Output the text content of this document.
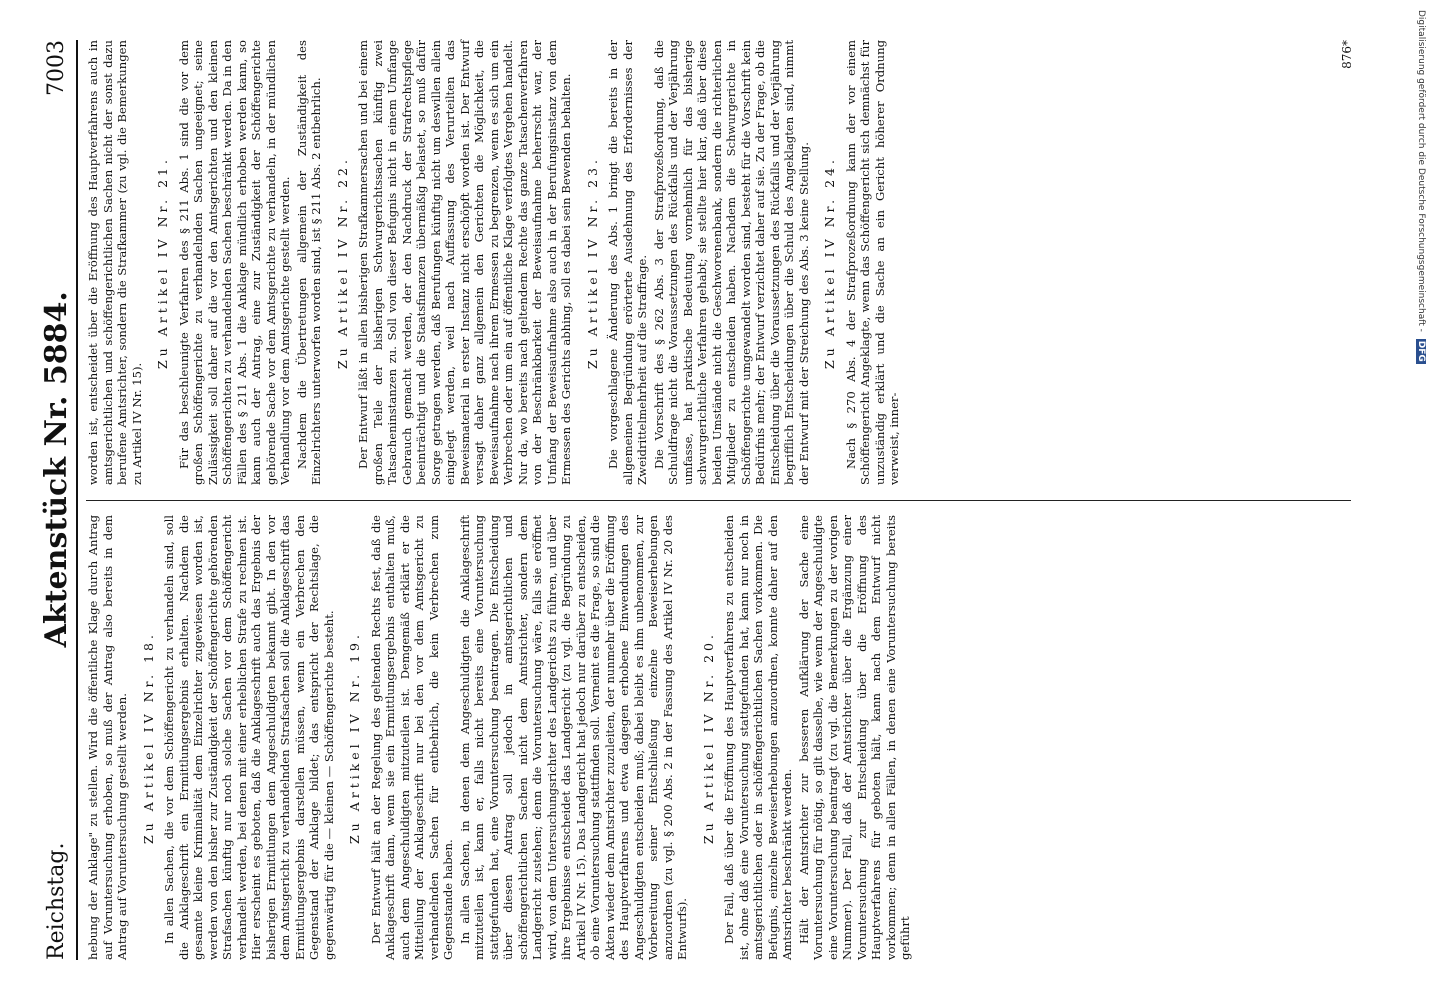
Reichstag.
Aktenstück Nr. 5884.
7003

hebung der Anklage" zu stellen. Wird die öffentliche Klage durch Antrag auf Voruntersuchung erhoben, so muß der Antrag also bereits in dem Antrag auf Voruntersuchung gestellt werden. Zu Artikel IV Nr. 18. In allen Sachen, die vor dem Schöffengericht zu verhandeln sind, soll die Anklageschrift ein Ermittlungsergebnis erhalten. Nachdem die gesamte kleine Kriminalität dem Einzelrichter zugewiesen worden ist, werden von den bisher zur Zuständigkeit der Schöffengerichte gehörenden Strafsachen künftig nur noch solche Sachen vor dem Schöffengericht verhandelt werden, bei denen mit einer erheblichen Strafe zu rechnen ist. Hier erscheint es geboten, daß die Anklageschrift auch das Ergebnis der bisherigen Ermittlungen dem Angeschuldigten bekannt gibt. In den vor dem Amtsgericht zu verhandelnden Strafsachen soll die Anklageschrift das Ermittlungsergebnis darstellen müssen, wenn ein Verbrechen den Gegenstand der Anklage bildet; das entspricht der Rechtslage, die gegenwärtig für die — kleinen — Schöffengerichte besteht. Zu Artikel IV Nr. 19. Der Entwurf hält an der Regelung des geltenden Rechts fest, daß die Anklageschrift dann, wenn sie ein Ermittlungsergebnis enthalten muß, auch dem Angeschuldigten mitzuteilen ist. Demgemäß erklärt er die Mitteilung der Anklageschrift nur bei den vor dem Amtsgericht zu verhandelnden Sachen für entbehrlich, die kein Verbrechen zum Gegenstande haben. In allen Sachen, in denen dem Angeschuldigten die Anklageschrift mitzuteilen ist, kann er, falls nicht bereits eine Voruntersuchung stattgefunden hat, eine Voruntersuchung beantragen. Die Entscheidung über diesen Antrag soll jedoch in amtsgerichtlichen und schöffengerichtlichen Sachen nicht dem Amtsrichter, sondern dem Landgericht zustehen; denn die Voruntersuchung wäre, falls sie eröffnet wird, von dem Untersuchungsrichter des Landgerichts zu führen, und über ihre Ergebnisse entscheidet das Landgericht (zu vgl. die Begründung zu Artikel IV Nr. 15). Das Landgericht hat jedoch nur darüber zu entscheiden, ob eine Voruntersuchung stattfinden soll. Verneint es die Frage, so sind die Akten wieder dem Amtsrichter zuzuleiten, der nunmehr über die Eröffnung des Hauptverfahrens und etwa dagegen erhobene Einwendungen des Angeschuldigten entscheiden muß; dabei bleibt es ihm unbenommen, zur Vorbereitung seiner Entschließung einzelne Beweiserhebungen anzuordnen (zu vgl. § 200 Abs. 2 in der Fassung des Artikel IV Nr. 20 des Entwurfs).

Zu Artikel IV Nr. 20. Der Fall, daß über die Eröffnung des Hauptverfahrens zu entscheiden ist, ohne daß eine Voruntersuchung stattgefunden hat, kann nur noch in amtsgerichtlichen oder in schöffengerichtlichen Sachen vorkommen. Die Befugnis, einzelne Beweiserhebungen anzuordnen, konnte daher auf den Amtsrichter beschränkt werden. Hält der Amtsrichter zur besseren Aufklärung der Sache eine Voruntersuchung für nötig, so gilt dasselbe, wie wenn der Angeschuldigte eine Voruntersuchung beantragt (zu vgl. die Bemerkungen zu der vorigen Nummer). Der Fall, daß der Amtsrichter über die Ergänzung einer Voruntersuchung zur Entscheidung über die Eröffnung des Hauptverfahrens für geboten hält, kann nach dem Entwurf nicht vorkommen; denn in allen Fällen, in denen eine Voruntersuchung bereits geführt

worden ist, entscheidet über die Eröffnung des Hauptverfahrens auch in amtsgerichtlichen und schöffengerichtlichen Sachen nicht der sonst dazu berufene Amtsrichter, sondern die Strafkammer (zu vgl. die Bemerkungen zu Artikel IV Nr. 15).

Zu Artikel IV Nr. 21. Für das beschleunigte Verfahren des § 211 Abs. 1 sind die vor dem großen Schöffengerichte zu verhandelnden Sachen ungeeignet; seine Zulässigkeit soll daher auf die vor den Amtsgerichten und den kleinen Schöffengerichten zu verhandelnden Sachen beschränkt werden. Da in den Fällen des § 211 Abs. 1 die Anklage mündlich erhoben werden kann, so kann auch der Antrag, eine zur Zuständigkeit der Schöffengerichte gehörende Sache vor dem Amtsgerichte zu verhandeln, in der mündlichen Verhandlung vor dem Amtsgerichte gestellt werden. Nachdem die Übertretungen allgemein der Zuständigkeit des Einzelrichters unterworfen worden sind, ist § 211 Abs. 2 entbehrlich. Zu Artikel IV Nr. 22. Der Entwurf läßt in allen bisherigen Strafkammersachen und bei einem großen Teile der bisherigen Schwurgerichtssachen künftig zwei Tatsacheninstanzen zu. Soll von dieser Befugnis nicht in einem Umfange Gebrauch gemacht werden, der den Nachdruck der Strafrechtspflege beeinträchtigt und die Staatsfinanzen übermäßig belastet, so muß dafür Sorge getragen werden, daß Berufungen künftig nicht um deswillen allein eingelegt werden, weil nach Auffassung des Verurteilten das Beweismaterial in erster Instanz nicht erschöpft worden ist. Der Entwurf versagt daher ganz allgemein den Gerichten die Möglichkeit, die Beweisaufnahme nach ihrem Ermessen zu begrenzen, wenn es sich um ein Verbrechen oder um ein auf öffentliche Klage verfolgtes Vergehen handelt. Nur da, wo bereits nach geltendem Rechte das ganze Tatsachenverfahren von der Beschränkbarkeit der Beweisaufnahme beherrscht war, der Umfang der Beweisaufnahme also auch in der Berufungsinstanz von dem Ermessen des Gerichts abhing, soll es dabei sein Bewenden behalten. Zu Artikel IV Nr. 23. Die vorgeschlagene Änderung des Abs. 1 bringt die bereits in der allgemeinen Begründung erörterte Ausdehnung des Erfordernisses der Zweidrittelmehrheit auf die Straffrage. Die Vorschrift des § 262 Abs. 3 der Strafprozeßordnung, daß die Schuldfrage nicht die Voraussetzungen des Rückfalls und der Verjährung umfasse, hat praktische Bedeutung vornehmlich für das bisherige schwurgerichtliche Verfahren gehabt; sie stellte hier klar, daß über diese beiden Umstände nicht die Geschworenenbank, sondern die richterlichen Mitglieder zu entscheiden haben. Nachdem die Schwurgerichte in Schöffengerichte umgewandelt worden sind, besteht für die Vorschrift kein Bedürfnis mehr; der Entwurf verzichtet daher auf sie. Zu der Frage, ob die Entscheidung über die Voraussetzungen des Rückfalls und der Verjährung begrifflich Entscheidungen über die Schuld des Angeklagten sind, nimmt der Entwurf mit der Streichung des Abs. 3 keine Stellung. Zu Artikel IV Nr. 24. Nach § 270 Abs. 4 der Strafprozeßordnung kann der vor einem Schöffengericht Angeklagte, wenn das Schöffengericht sich demnächst für unzuständig erklärt und die Sache an ein Gericht höherer Ordnung verweist, inner-

876*	Digitalisierung gefördert durch die Deutsche Forschungsgemeinschaft - DFG
